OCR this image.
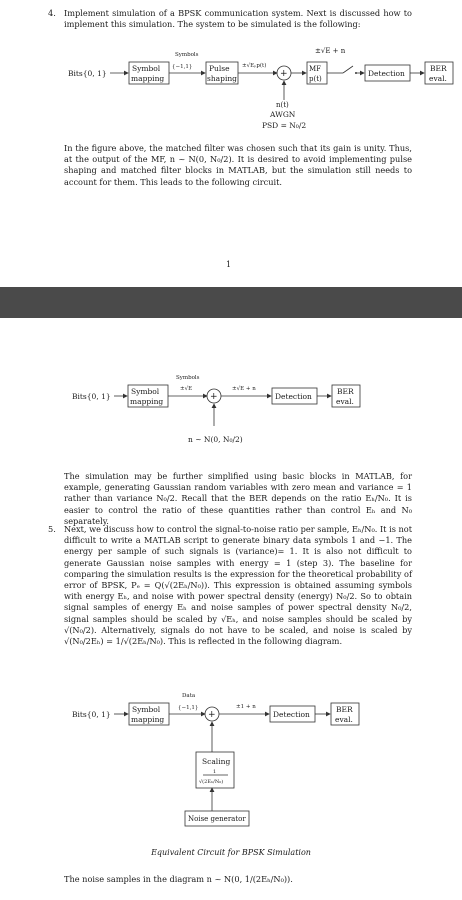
4. Implement simulation of a BPSK communication system. Next is discussed how to implement this simulation. The system to be simulated is the following:

Bits{0, 1}
Symbol
mapping
Symbols
{−1,1} Pulse
shaping
±√Eₚp(t)
+	MF
p(t)
±√E + n
Detection
BER
eval.
n(t)
AWGN
PSD = N₀/2

In the figure above, the matched filter was chosen such that its gain is unity. Thus, at the output of the MF, n ~ N(0, N₀/2). It is desired to avoid implementing pulse shaping and matched filter blocks in MATLAB, but the simulation still needs to account for them. This leads to the following circuit.

1
Bits{0, 1}
Symbol
mapping
Symbols
±√E
+
±√E + n
Detection
BER
eval.
n ~ N(0, N₀/2)

The simulation may be further simplified using basic blocks in MATLAB, for example, generating Gaussian random variables with zero mean and variance = 1 rather than variance N₀/2. Recall that the BER depends on the ratio Eₕ/N₀. It is easier to control the ratio of these quantities rather than control Eₕ and N₀ separately.

5. Next, we discuss how to control the signal-to-noise ratio per sample, Eₕ/N₀. It is not difficult to write a MATLAB script to generate binary data symbols 1 and −1. The energy per sample of such signals is (variance)= 1. It is also not difficult to generate Gaussian noise samples with energy = 1 (step 3). The baseline for comparing the simulation results is the expression for the theoretical probability of error of BPSK, Pₑ = Q(√(2Eₕ/N₀)). This expression is obtained assuming symbols with energy Eₕ, and noise with power spectral density (energy) N₀/2. So to obtain signal samples of energy Eₕ and noise samples of power spectral density N₀/2, signal samples should be scaled by √Eₕ, and noise samples should be scaled by √(N₀/2). Alternatively, signals do not have to be scaled, and noise is scaled by √(N₀/2Eₕ) = 1/√(2Eₕ/N₀). This is reflected in the following diagram.

Bits{0, 1}
Symbol
mapping
Data
{−1,1}
+
±1 + n
Detection
BER
eval.
Scaling
1
√(2Eₕ/N₀)
Noise generator
Equivalent Circuit for BPSK Simulation

The noise samples in the diagram n ~ N(0, 1/(2Eₕ/N₀)).
